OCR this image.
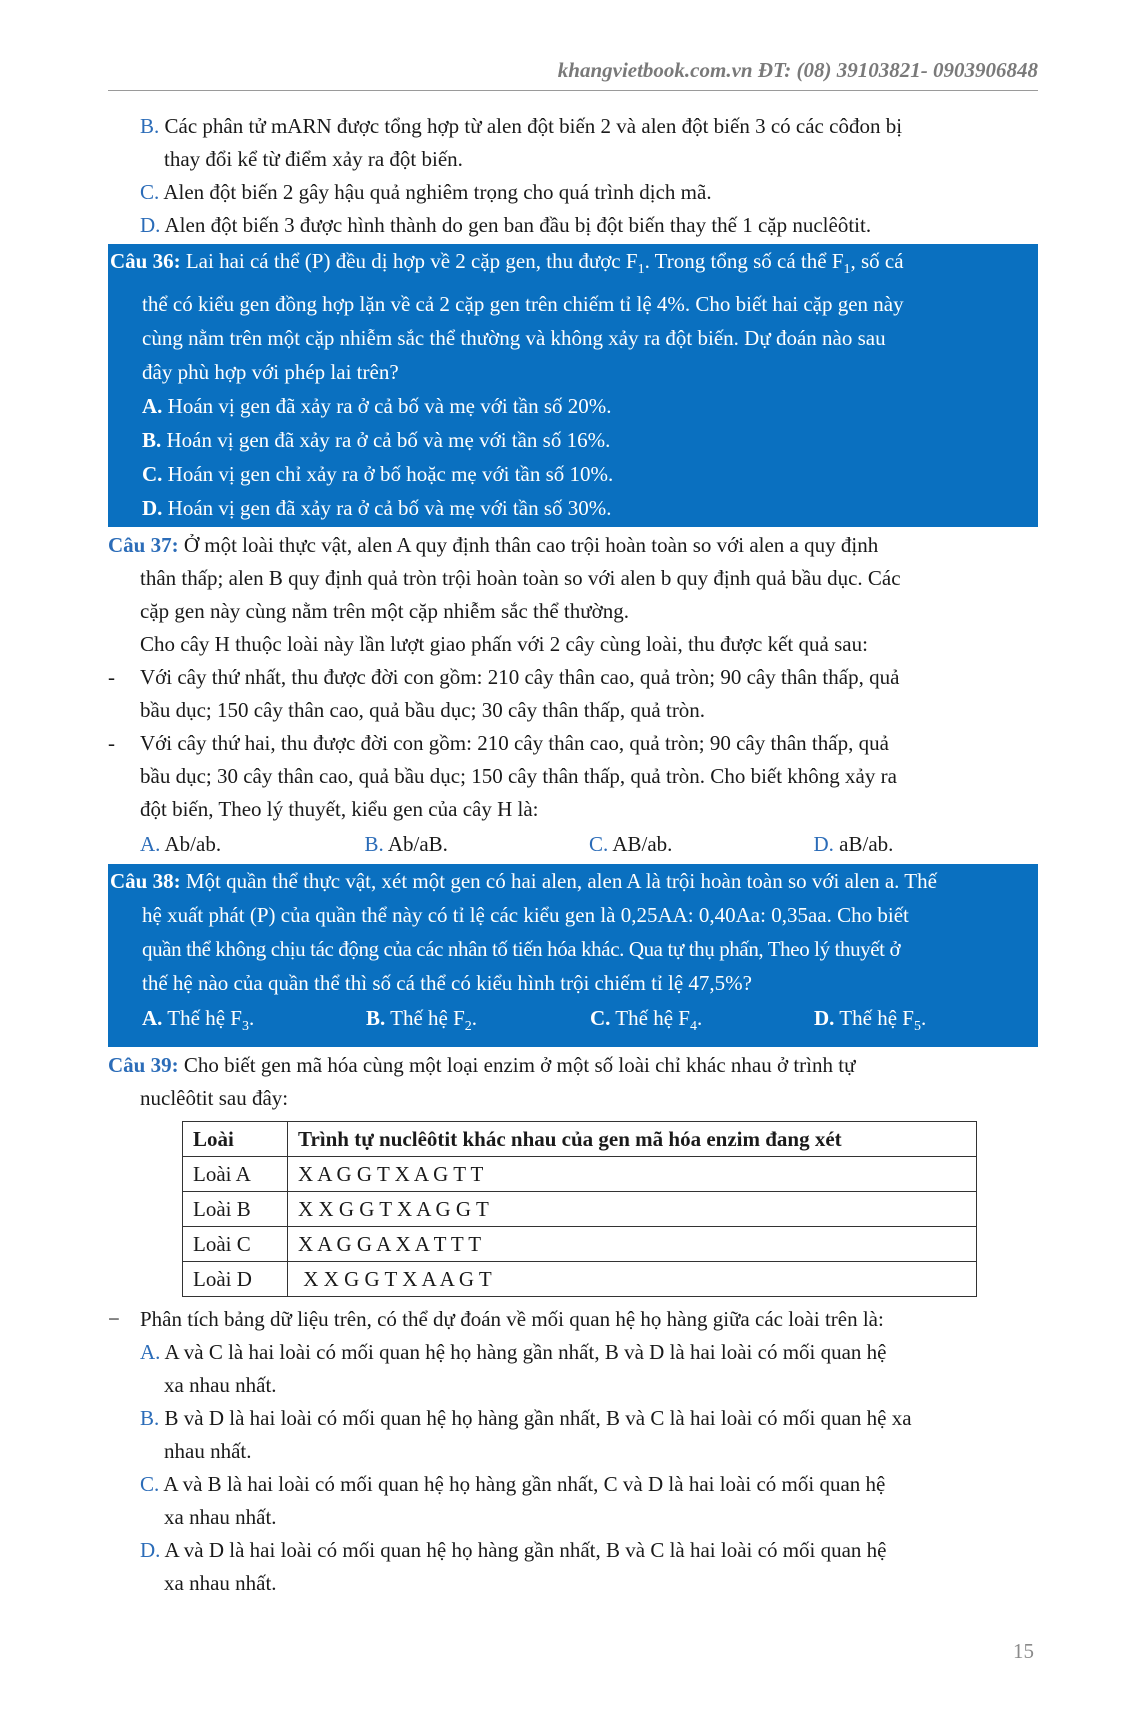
khangvietbook.com.vn ĐT: (08) 39103821- 0903906848
B. Các phân tử mARN được tổng hợp từ alen đột biến 2 và alen đột biến 3 có các côđon bị
thay đổi kể từ điểm xảy ra đột biến.
C. Alen đột biến 2 gây hậu quả nghiêm trọng cho quá trình dịch mã.
D. Alen đột biến 3 được hình thành do gen ban đầu bị đột biến thay thế 1 cặp nuclêôtit.
Câu 36: Lai hai cá thể (P) đều dị hợp về 2 cặp gen, thu được $F_1$. Trong tổng số cá thể $F_1$, số cá
thể có kiểu gen đồng hợp lặn về cả 2 cặp gen trên chiếm tỉ lệ 4%. Cho biết hai cặp gen này
cùng nằm trên một cặp nhiễm sắc thể thường và không xảy ra đột biến. Dự đoán nào sau
đây phù hợp với phép lai trên?
A. Hoán vị gen đã xảy ra ở cả bố và mẹ với tần số 20%.
B. Hoán vị gen đã xảy ra ở cả bố và mẹ với tần số 16%.
C. Hoán vị gen chỉ xảy ra ở bố hoặc mẹ với tần số 10%.
D. Hoán vị gen đã xảy ra ở cả bố và mẹ với tần số 30%.
Câu 37: Ở một loài thực vật, alen A quy định thân cao trội hoàn toàn so với alen a quy định
thân thấp; alen B quy định quả tròn trội hoàn toàn so với alen b quy định quả bầu dục. Các
cặp gen này cùng nằm trên một cặp nhiễm sắc thể thường.
Cho cây H thuộc loài này lần lượt giao phấn với 2 cây cùng loài, thu được kết quả sau:
-	Với cây thứ nhất, thu được đời con gồm: 210 cây thân cao, quả tròn; 90 cây thân thấp, quả
bầu dục; 150 cây thân cao, quả bầu dục; 30 cây thân thấp, quả tròn.
-	Với cây thứ hai, thu được đời con gồm: 210 cây thân cao, quả tròn; 90 cây thân thấp, quả
bầu dục; 30 cây thân cao, quả bầu dục; 150 cây thân thấp, quả tròn. Cho biết không xảy ra
đột biến, Theo lý thuyết, kiểu gen của cây H là:
A. Ab/ab.	B. Ab/aB.	C. AB/ab.	D. aB/ab.
Câu 38: Một quần thể thực vật, xét một gen có hai alen, alen A là trội hoàn toàn so với alen a. Thế
hệ xuất phát (P) của quần thể này có tỉ lệ các kiểu gen là 0,25AA: 0,40Aa: 0,35aa. Cho biết
quần thể không chịu tác động của các nhân tố tiến hóa khác. Qua tự thụ phấn, Theo lý thuyết ở
thế hệ nào của quần thể thì số cá thể có kiểu hình trội chiếm tỉ lệ 47,5%?
A. Thế hệ $F_3$.	B. Thế hệ $F_2$.	C. Thế hệ $F_4$.	D. Thế hệ $F_5$.
Câu 39: Cho biết gen mã hóa cùng một loại enzim ở một số loài chỉ khác nhau ở trình tự
nuclêôtit sau đây:
Loài	Trình tự nuclêôtit khác nhau của gen mã hóa enzim đang xét
Loài A	X A G G T X A G T T
Loài B	X X G G T X A G G T
Loài C	X A G G A X A T T T
Loài D	X X G G T X A A G T
− Phân tích bảng dữ liệu trên, có thể dự đoán về mối quan hệ họ hàng giữa các loài trên là:
A. A và C là hai loài có mối quan hệ họ hàng gần nhất, B và D là hai loài có mối quan hệ
xa nhau nhất.
B. B và D là hai loài có mối quan hệ họ hàng gần nhất, B và C là hai loài có mối quan hệ xa
nhau nhất.
C. A và B là hai loài có mối quan hệ họ hàng gần nhất, C và D là hai loài có mối quan hệ
xa nhau nhất.
D. A và D là hai loài có mối quan hệ họ hàng gần nhất, B và C là hai loài có mối quan hệ
xa nhau nhất.
15
